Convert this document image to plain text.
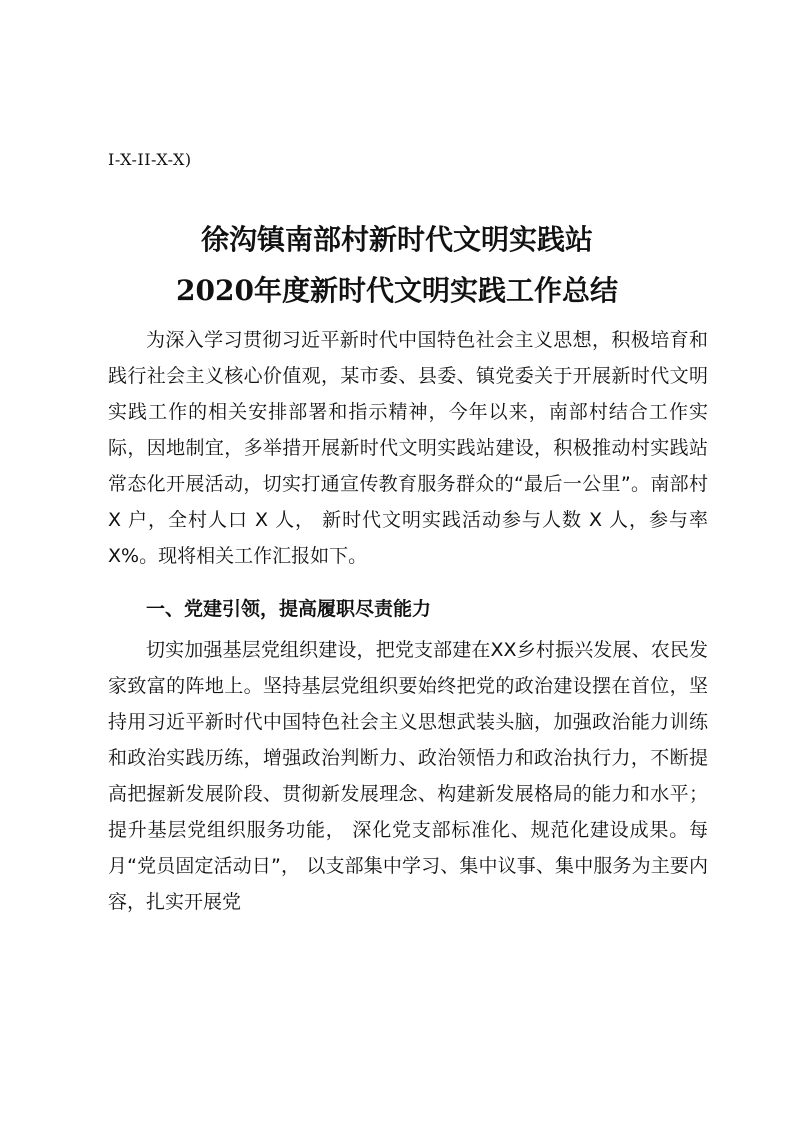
I-X-II-X-X)
徐沟镇南部村新时代文明实践站
2020年度新时代文明实践工作总结
为深入学习贯彻习近平新时代中国特色社会主义思想，积极培育和践行社会主义核心价值观，某市委、县委、镇党委关于开展新时代文明实践工作的相关安排部署和指示精神，今年以来，南部村结合工作实际，因地制宜，多举措开展新时代文明实践站建设，积极推动村实践站常态化开展活动，切实打通宣传教育服务群众的“最后一公里”。南部村 X 户，全村人口 X 人， 新时代文明实践活动参与人数 X 人，参与率 X%。现将相关工作汇报如下。
一、党建引领，提高履职尽责能力
切实加强基层党组织建设，把党支部建在XX乡村振兴发展、农民发家致富的阵地上。坚持基层党组织要始终把党的政治建设摆在首位，坚持用习近平新时代中国特色社会主义思想武装头脑，加强政治能力训练和政治实践历练，增强政治判断力、政治领悟力和政治执行力，不断提高把握新发展阶段、贯彻新发展理念、构建新发展格局的能力和水平；提升基层党组织服务功能， 深化党支部标准化、规范化建设成果。每月“党员固定活动日”， 以支部集中学习、集中议事、集中服务为主要内容，扎实开展党
